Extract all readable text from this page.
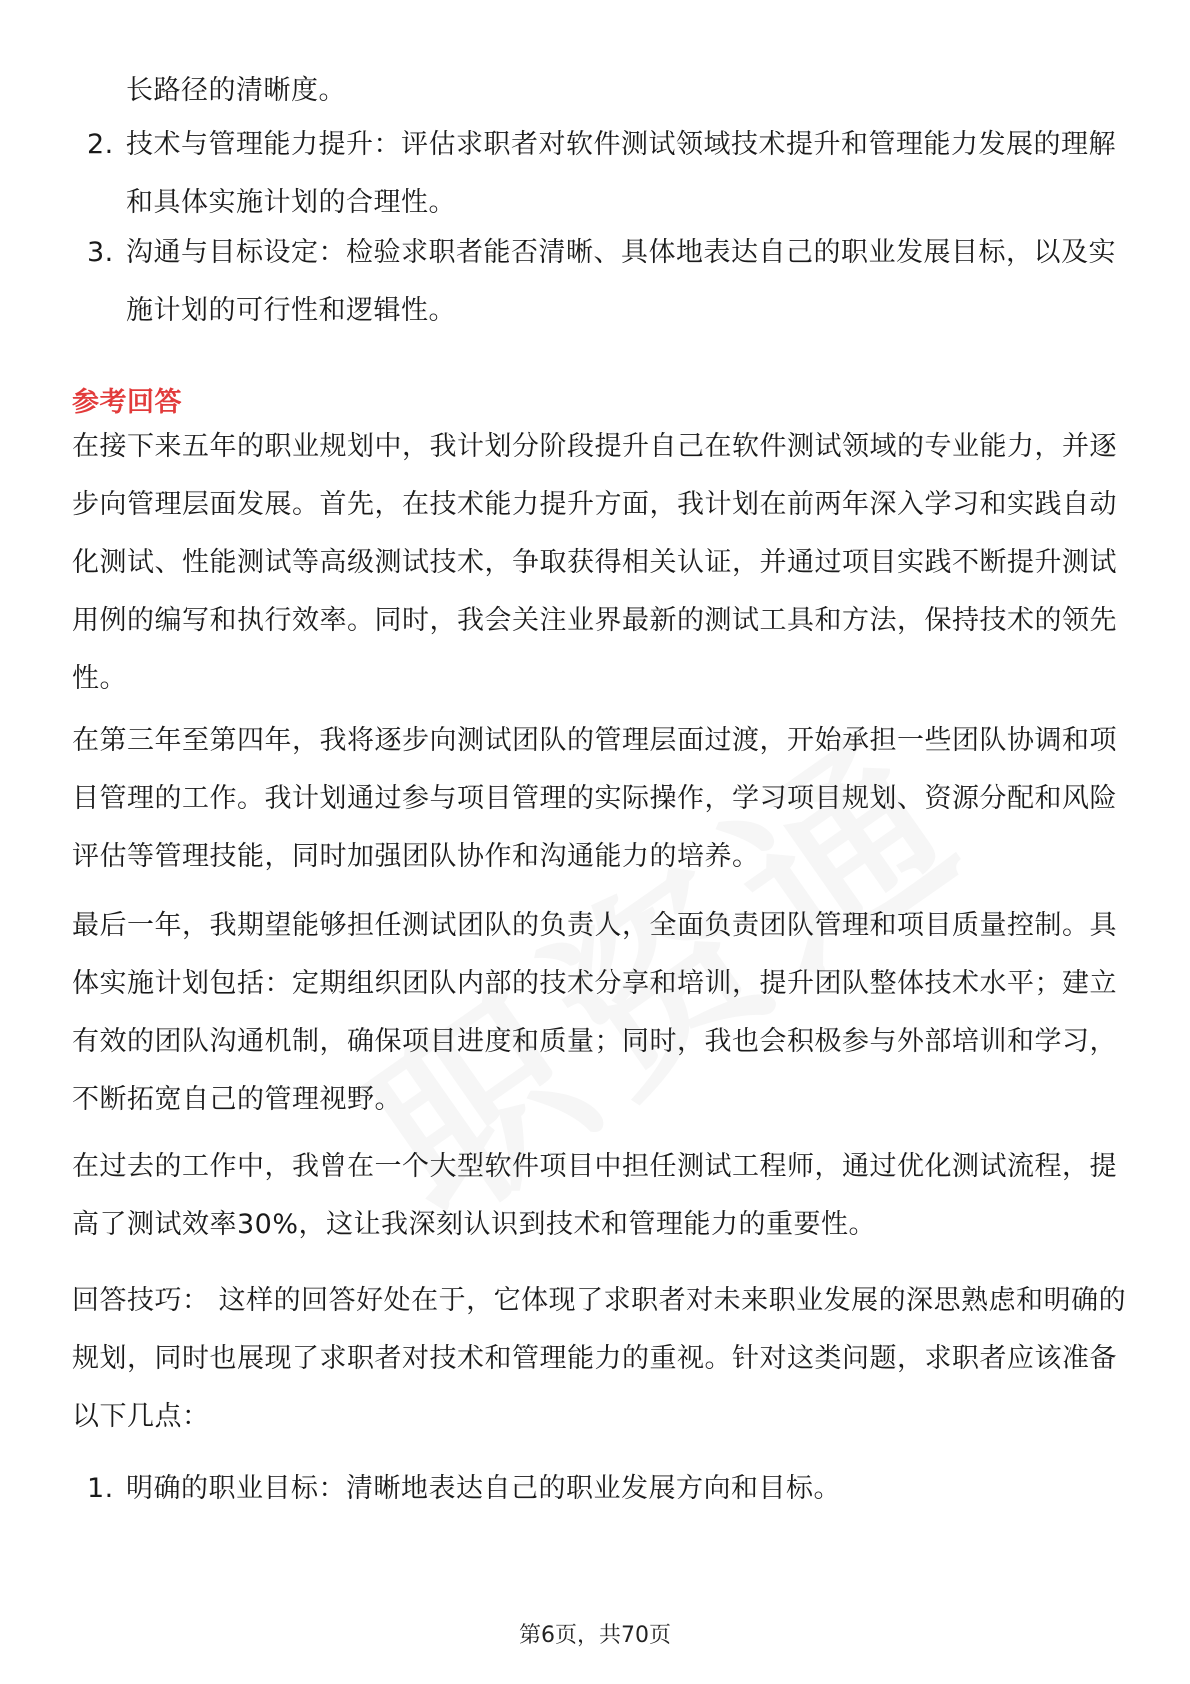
长路径的清晰度。
2. 技术与管理能力提升：评估求职者对软件测试领域技术提升和管理能力发展的理解和具体实施计划的合理性。
3. 沟通与目标设定：检验求职者能否清晰、具体地表达自己的职业发展目标，以及实施计划的可行性和逻辑性。
参考回答
在接下来五年的职业规划中，我计划分阶段提升自己在软件测试领域的专业能力，并逐步向管理层面发展。首先，在技术能力提升方面，我计划在前两年深入学习和实践自动化测试、性能测试等高级测试技术，争取获得相关认证，并通过项目实践不断提升测试用例的编写和执行效率。同时，我会关注业界最新的测试工具和方法，保持技术的领先性。
在第三年至第四年，我将逐步向测试团队的管理层面过渡，开始承担一些团队协调和项目管理的工作。我计划通过参与项目管理的实际操作，学习项目规划、资源分配和风险评估等管理技能，同时加强团队协作和沟通能力的培养。
最后一年，我期望能够担任测试团队的负责人，全面负责团队管理和项目质量控制。具体实施计划包括：定期组织团队内部的技术分享和培训，提升团队整体技术水平；建立有效的团队沟通机制，确保项目进度和质量；同时，我也会积极参与外部培训和学习，不断拓宽自己的管理视野。
在过去的工作中，我曾在一个大型软件项目中担任测试工程师，通过优化测试流程，提高了测试效率30%，这让我深刻认识到技术和管理能力的重要性。
回答技巧： 这样的回答好处在于，它体现了求职者对未来职业发展的深思熟虑和明确的规划，同时也展现了求职者对技术和管理能力的重视。针对这类问题，求职者应该准备以下几点：
1. 明确的职业目标：清晰地表达自己的职业发展方向和目标。
第6页，共70页
